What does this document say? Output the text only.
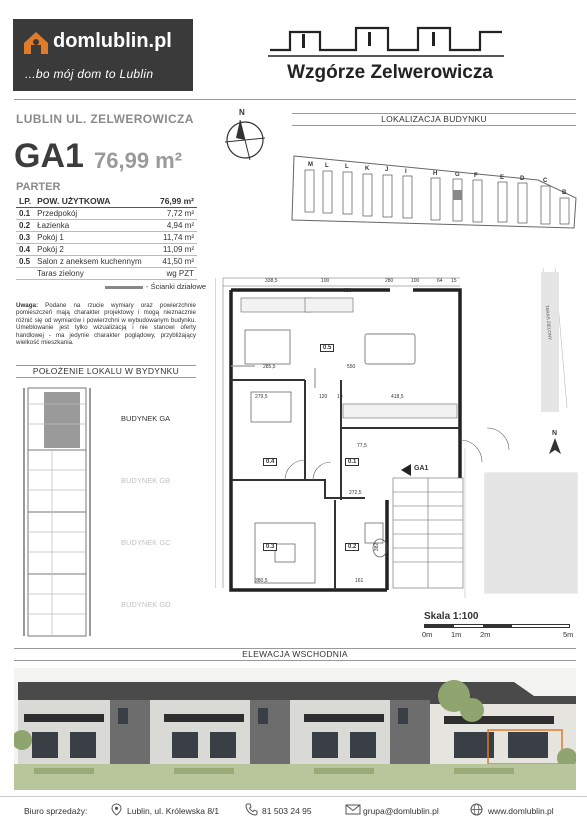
domlublin.pl
...bo mój dom to Lublin	Wzgórze Zelwerowicza
LUBLIN UL. ZELWEROWICZA
GA1 76,99 m²
PARTER
LP.	POW. UŻYTKOWA	76,99 m²
0.1	Przedpokój	7,72 m²
0.2	Łazienka	4,94 m²
0.3	Pokój 1	11,74 m²
0.4	Pokój 2	11,09 m²
0.5	Salon z aneksem kuchennym	41,50 m²
	Taras zielony	wg PZT
- Ścianki działowe
Uwaga: Podane na rzucie wymiary oraz powierzchnie pomieszczeń mają charakter projektowy i mogą nieznacznie różnić się od wymiarów i powierzchni w wybudowanym budynku. Umeblowanie jest tylko wizualizacją i nie stanowi oferty handlowej - ma jedynie charakter poglądowy, przybliżający wielkość mieszkania.
POŁOŻENIE LOKALU W BYDYNKU
BUDYNEK GA
BUDYNEK GB
BUDYNEK GC
BUDYNEK GD
N
LOKALIZACJA BUDYNKU
M L	L	K	J	I	H	G F	E	D	C
B
338,5
829
100	280	100	64 15
285,5	550
279,5	120 10	418,5
272,5
77,5
380,5	161
382
0.5
0.4	0.1
0.3	0.2
GA1
TARAS ZIELONY
N
Skala 1:100
0m 1m 2m	5m
ELEWACJA WSCHODNIA
Biuro sprzedaży:	Lublin, ul. Królewska 8/1	81 503 24 95	grupa@domlublin.pl	www.domlublin.pl
